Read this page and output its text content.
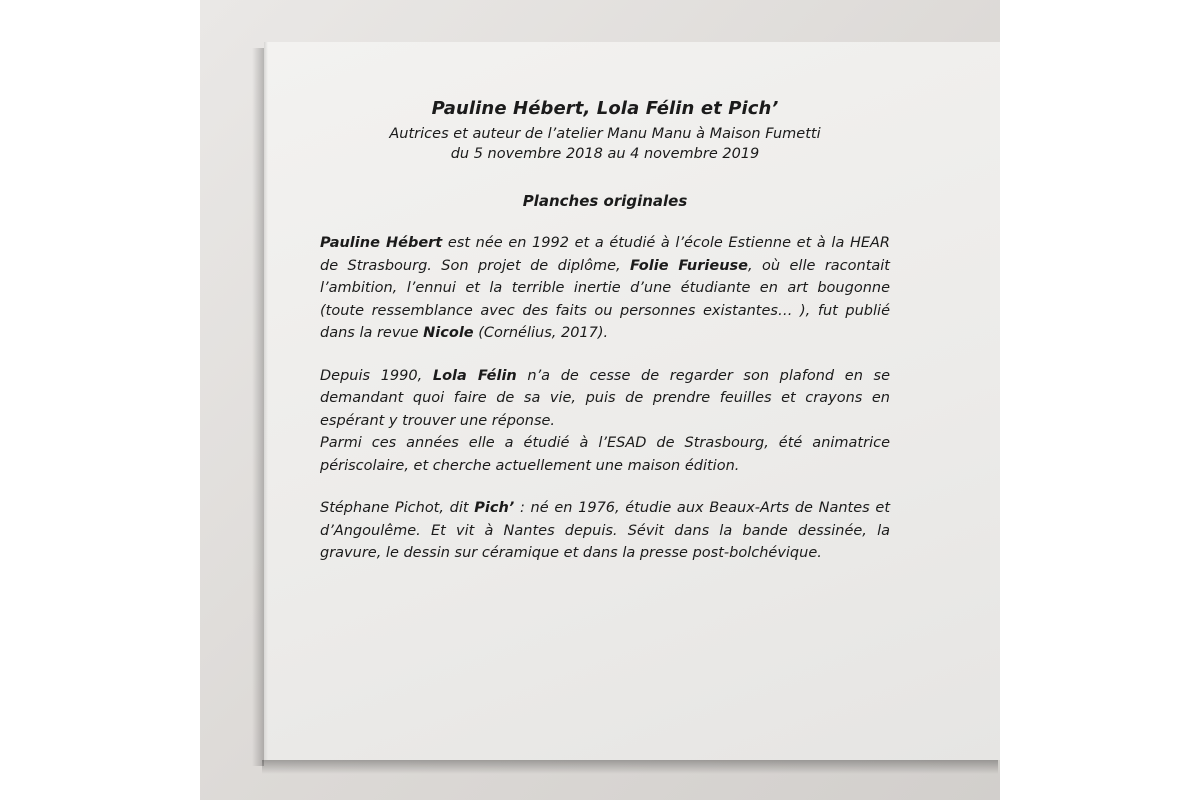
Pauline Hébert, Lola Félin et Pich’
Autrices et auteur de l’atelier Manu Manu à Maison Fumetti
du 5 novembre 2018 au 4 novembre 2019
Planches originales

Pauline Hébert est née en 1992 et a étudié à l’école Estienne et à la HEAR de Strasbourg. Son projet de diplôme, Folie Furieuse, où elle racontait l’ambition, l’ennui et la terrible inertie d’une étudiante en art bougonne (toute ressemblance avec des faits ou personnes existantes… ), fut publié dans la revue Nicole (Cornélius, 2017).

Depuis 1990, Lola Félin n’a de cesse de regarder son plafond en se demandant quoi faire de sa vie, puis de prendre feuilles et crayons en espérant y trouver une réponse.
Parmi ces années elle a étudié à l’ESAD de Strasbourg, été animatrice périscolaire, et cherche actuellement une maison édition.

Stéphane Pichot, dit Pich’ : né en 1976, étudie aux Beaux-Arts de Nantes et d’Angoulême. Et vit à Nantes depuis. Sévit dans la bande dessinée, la gravure, le dessin sur céramique et dans la presse post-bolchévique.
